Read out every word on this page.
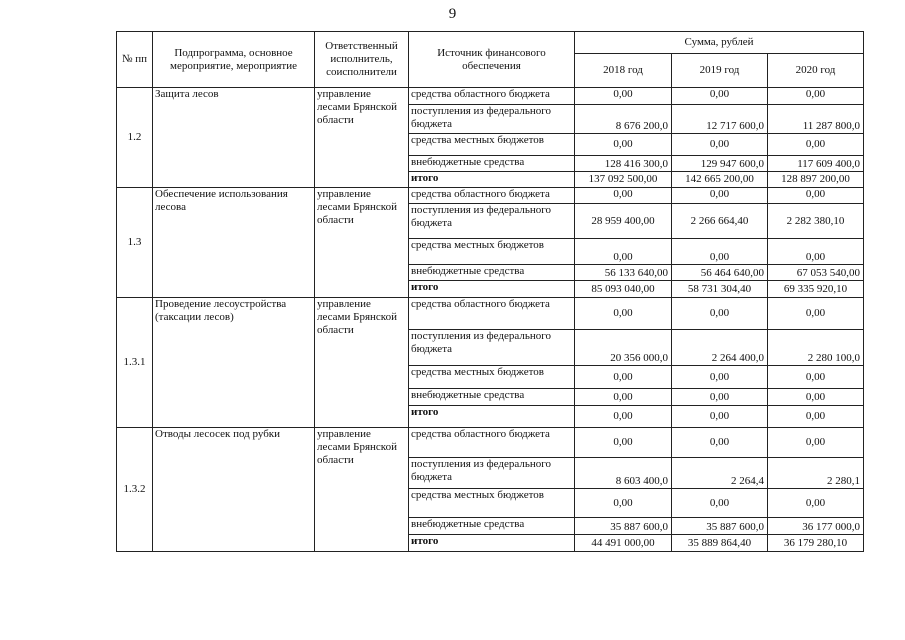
9
№ пп	Подпрограмма, основное мероприятие, мероприятие	Ответственный исполнитель, соисполнители	Источник финансового обеспечения	Сумма, рублей		
				2018 год	2019 год	2020 год
1.2	Защита лесов	управление лесами Брянской области	средства областного бюджета	0,00	0,00	0,00
			поступления из федерального бюджета	8 676 200,0	12 717 600,0	11 287 800,0
			средства местных бюджетов	0,00	0,00	0,00
			внебюджетные средства	128 416 300,0	129 947 600,0	117 609 400,0
			итого	137 092 500,00	142 665 200,00	128 897 200,00
1.3	Обеспечение использования лесова	управление лесами Брянской области	средства областного бюджета	0,00	0,00	0,00
			поступления из федерального бюджета	28 959 400,00	2 266 664,40	2 282 380,10
			средства местных бюджетов	0,00	0,00	0,00
			внебюджетные средства	56 133 640,00	56 464 640,00	67 053 540,00
			итого	85 093 040,00	58 731 304,40	69 335 920,10
1.3.1	Проведение лесоустройства (таксации лесов)	управление лесами Брянской области	средства областного бюджета	0,00	0,00	0,00
			поступления из федерального бюджета	20 356 000,0	2 264 400,0	2 280 100,0
			средства местных бюджетов	0,00	0,00	0,00
			внебюджетные средства	0,00	0,00	0,00
			итого	0,00	0,00	0,00
1.3.2	Отводы лесосек под рубки	управление лесами Брянской области	средства областного бюджета	0,00	0,00	0,00
			поступления из федерального бюджета	8 603 400,0	2 264,4	2 280,1
			средства местных бюджетов	0,00	0,00	0,00
			внебюджетные средства	35 887 600,0	35 887 600,0	36 177 000,0
			итого	44 491 000,00	35 889 864,40	36 179 280,10
